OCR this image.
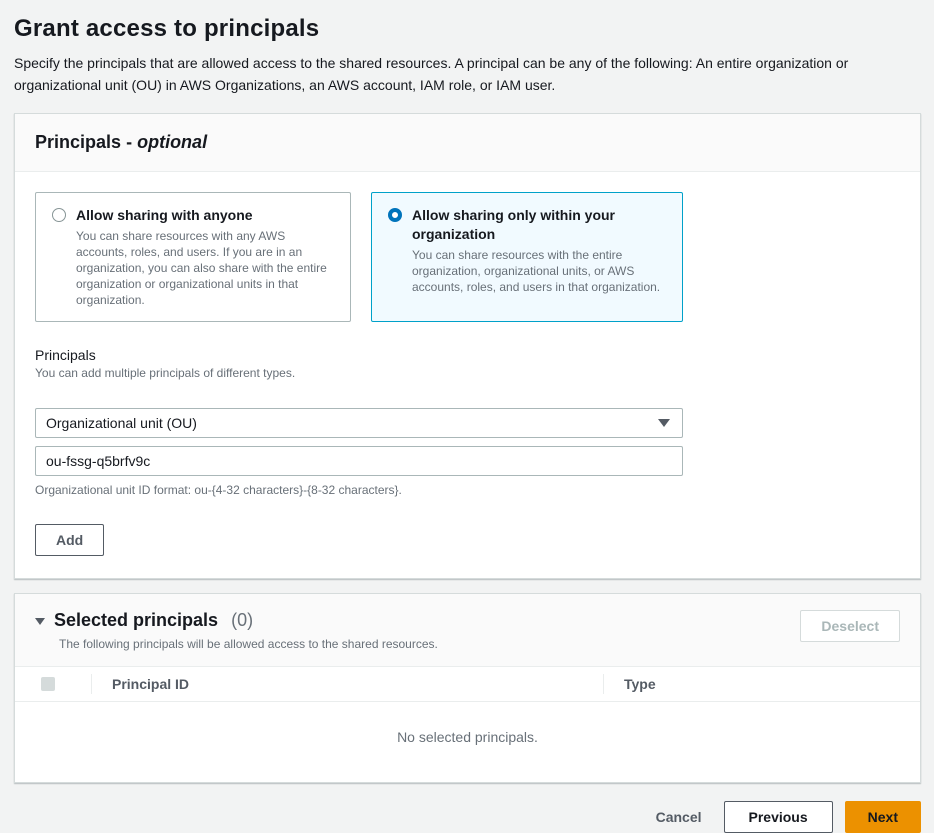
Grant access to principals

Specify the principals that are allowed access to the shared resources. A principal can be any of the following: An entire organization or organizational unit (OU) in AWS Organizations, an AWS account, IAM role, or IAM user.

Principals - optional
Allow sharing with anyone
You can share resources with any AWS accounts, roles, and users. If you are in an organization, you can also share with the entire organization or organizational units in that organization.
Allow sharing only within your organization
You can share resources with the entire organization, organizational units, or AWS accounts, roles, and users in that organization.
Principals
You can add multiple principals of different types.
Organizational unit (OU)
ou-fssg-q5brfv9c
Organizational unit ID format: ou-{4-32 characters}-{8-32 characters}.
Add
Selected principals (0)
The following principals will be allowed access to the shared resources.
Deselect
Principal ID	Type
No selected principals.
Cancel	Previous	Next
